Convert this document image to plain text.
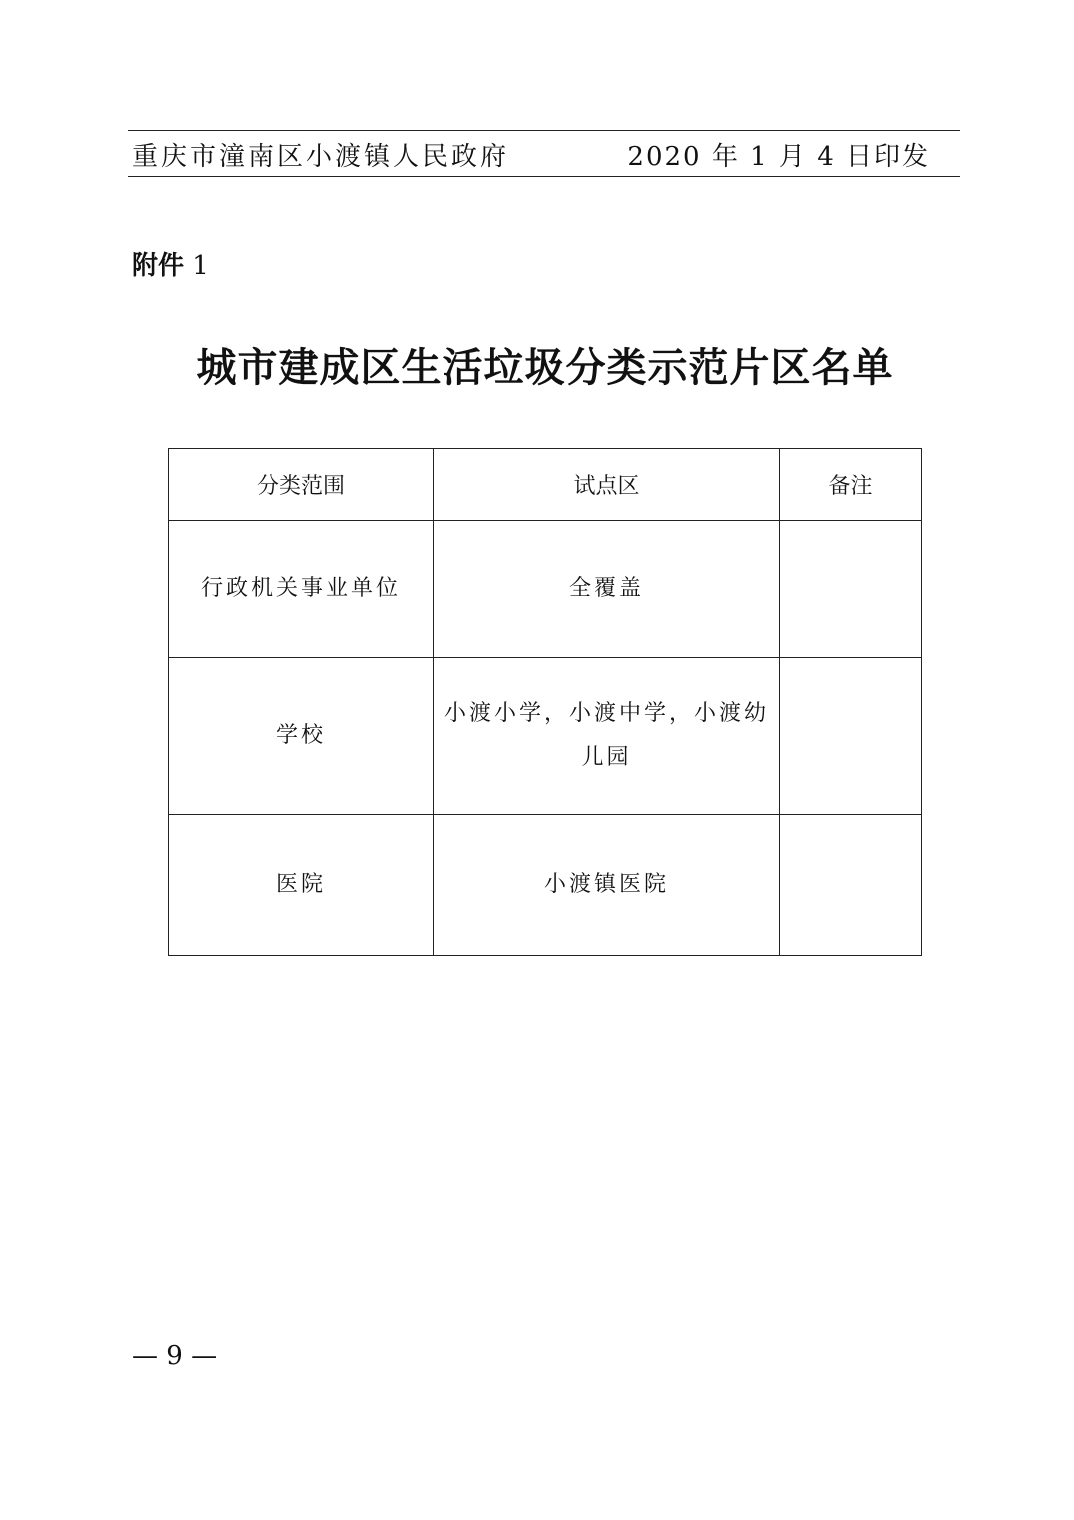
重庆市潼南区小渡镇人民政府	2020 年 1 月 4 日印发
附件 1
城市建成区生活垃圾分类示范片区名单
分类范围	试点区	备注
行政机关事业单位	全覆盖	
学校	小渡小学，小渡中学，小渡幼儿园	
医院	小渡镇医院	
— 9 —
